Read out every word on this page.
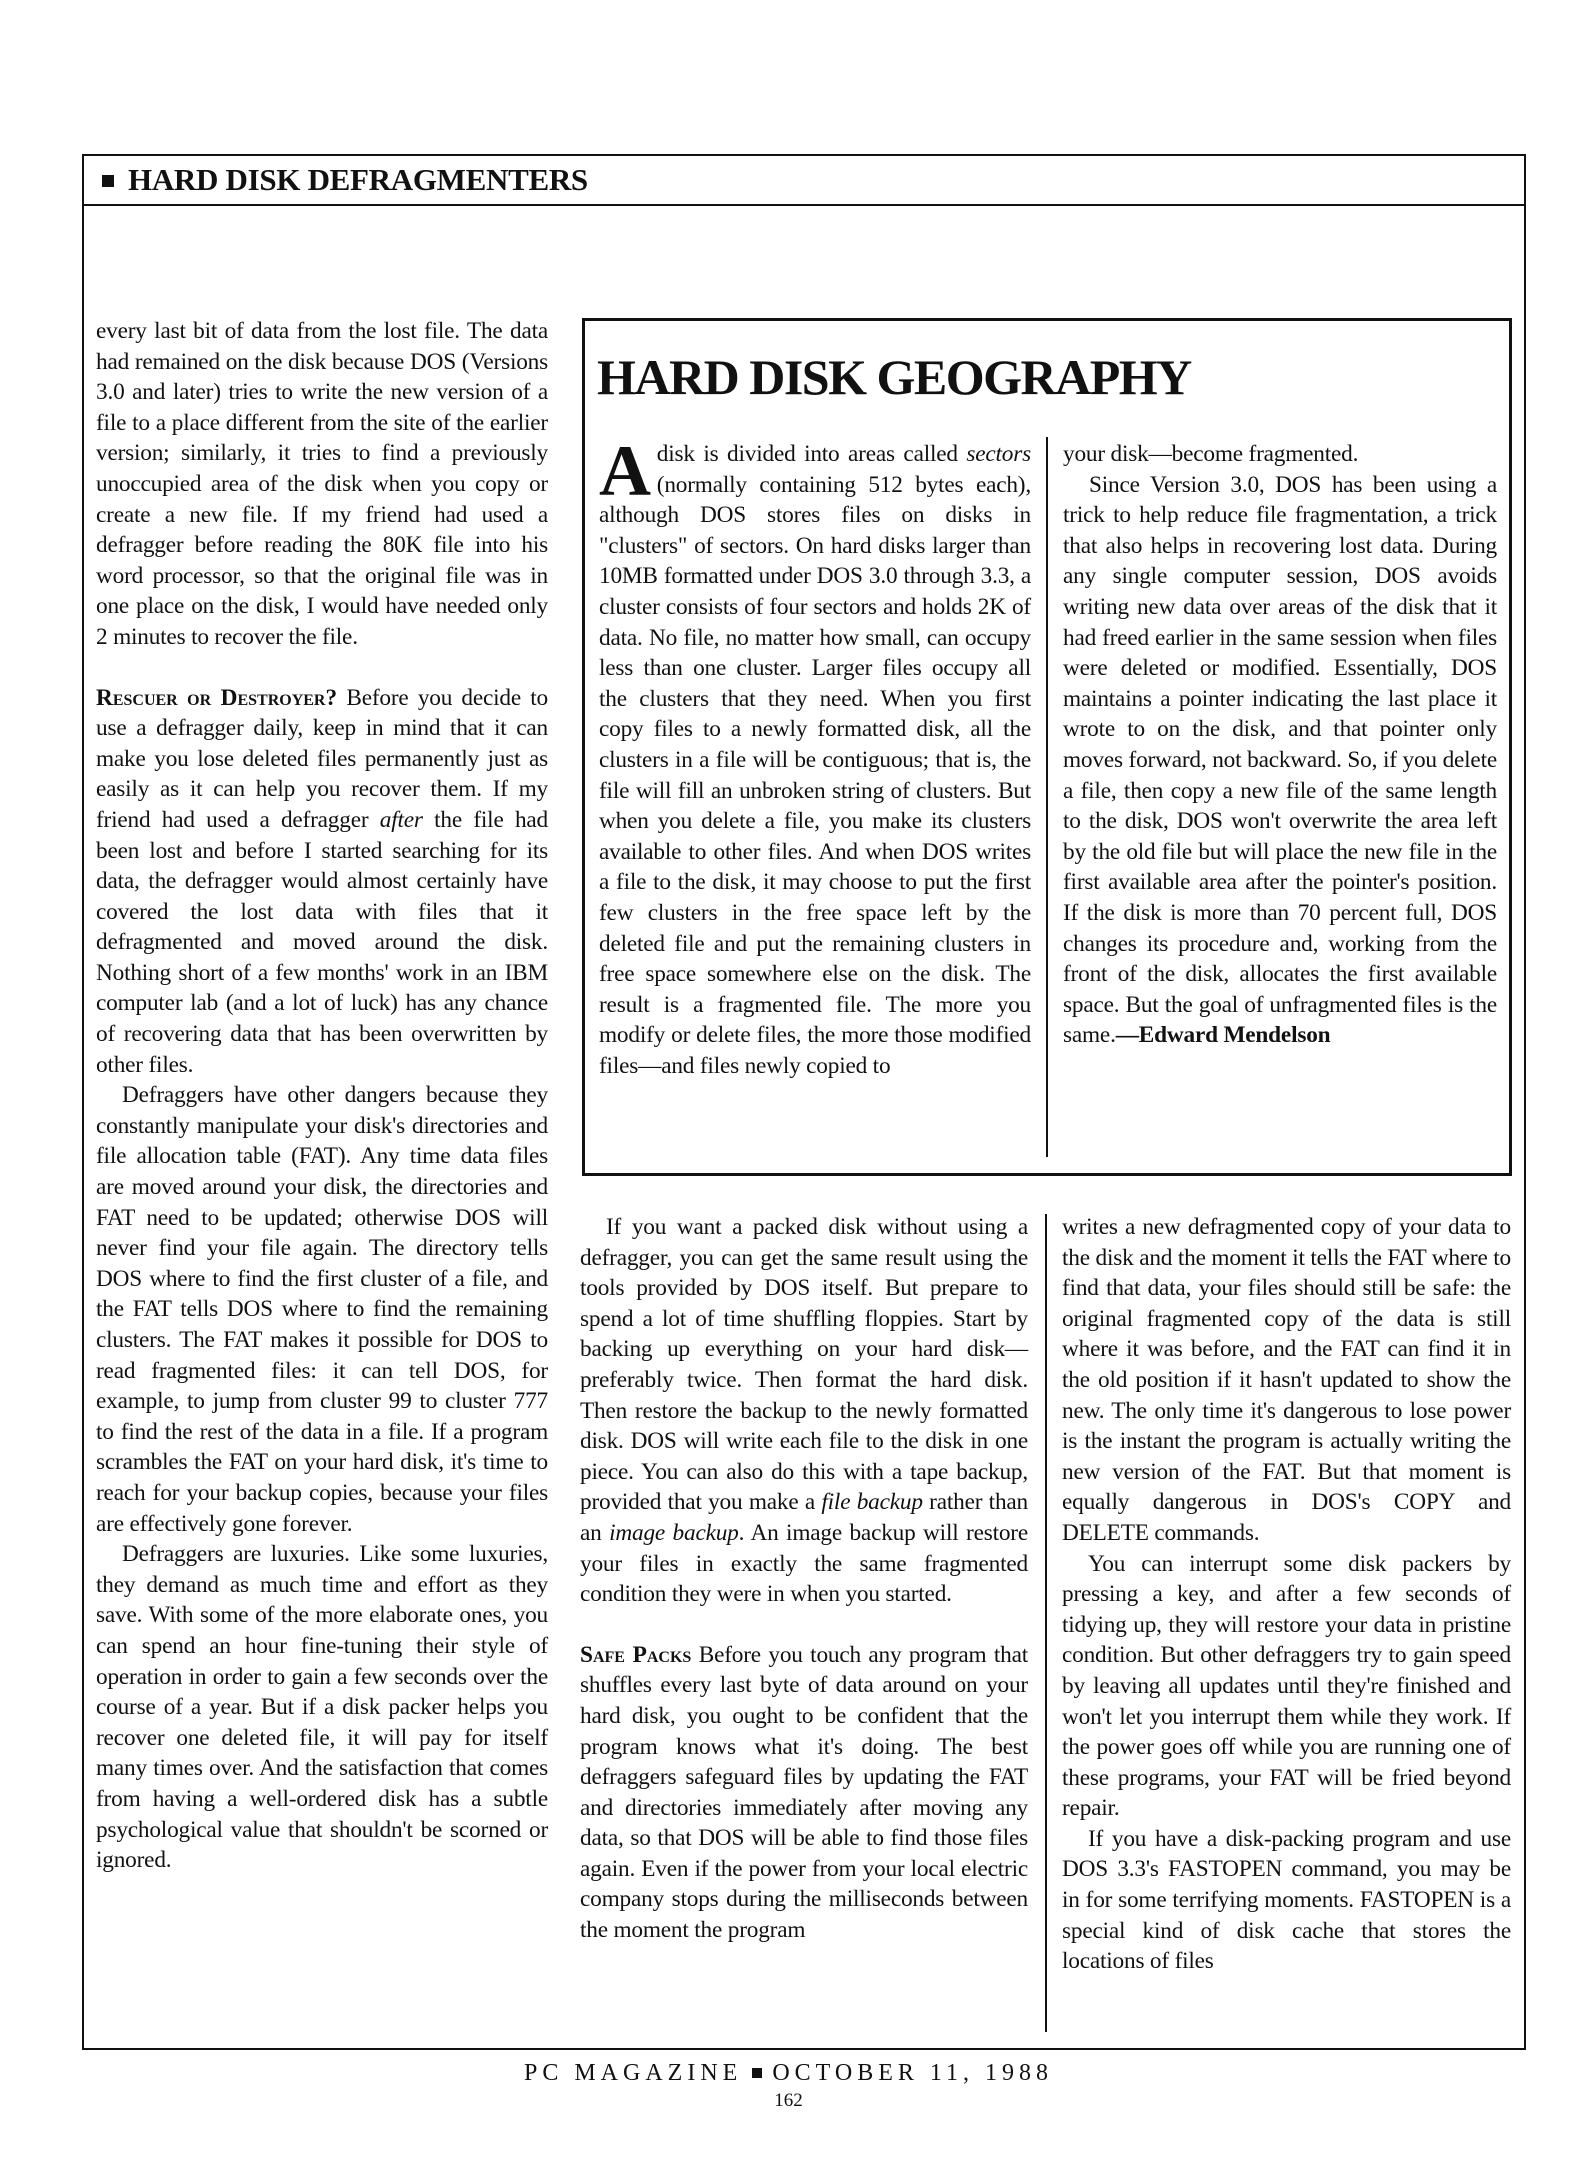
HARD DISK DEFRAGMENTERS

every last bit of data from the lost file. The data had remained on the disk because DOS (Versions 3.0 and later) tries to write the new version of a file to a place different from the site of the earlier version; similarly, it tries to find a previously unoccupied area of the disk when you copy or create a new file. If my friend had used a defragger before reading the 80K file into his word processor, so that the original file was in one place on the disk, I would have needed only 2 minutes to recover the file.

Rescuer or Destroyer? Before you decide to use a defragger daily, keep in mind that it can make you lose deleted files permanently just as easily as it can help you recover them. If my friend had used a defragger after the file had been lost and before I started searching for its data, the defragger would almost certainly have covered the lost data with files that it defragmented and moved around the disk. Nothing short of a few months' work in an IBM computer lab (and a lot of luck) has any chance of recovering data that has been overwritten by other files.

Defraggers have other dangers because they constantly manipulate your disk's directories and file allocation table (FAT). Any time data files are moved around your disk, the directories and FAT need to be updated; otherwise DOS will never find your file again. The directory tells DOS where to find the first cluster of a file, and the FAT tells DOS where to find the remaining clusters. The FAT makes it possible for DOS to read fragmented files: it can tell DOS, for example, to jump from cluster 99 to cluster 777 to find the rest of the data in a file. If a program scrambles the FAT on your hard disk, it's time to reach for your backup copies, because your files are effectively gone forever.

Defraggers are luxuries. Like some luxuries, they demand as much time and effort as they save. With some of the more elaborate ones, you can spend an hour fine-tuning their style of operation in order to gain a few seconds over the course of a year. But if a disk packer helps you recover one deleted file, it will pay for itself many times over. And the satisfaction that comes from having a well-ordered disk has a subtle psychological value that shouldn't be scorned or ignored.

HARD DISK GEOGRAPHY

A disk is divided into areas called sectors (normally containing 512 bytes each), although DOS stores files on disks in "clusters" of sectors. On hard disks larger than 10MB formatted under DOS 3.0 through 3.3, a cluster consists of four sectors and holds 2K of data. No file, no matter how small, can occupy less than one cluster. Larger files occupy all the clusters that they need. When you first copy files to a newly formatted disk, all the clusters in a file will be contiguous; that is, the file will fill an unbroken string of clusters. But when you delete a file, you make its clusters available to other files. And when DOS writes a file to the disk, it may choose to put the first few clusters in the free space left by the deleted file and put the remaining clusters in free space somewhere else on the disk. The result is a fragmented file. The more you modify or delete files, the more those modified files—and files newly copied to

your disk—become fragmented.

Since Version 3.0, DOS has been using a trick to help reduce file fragmentation, a trick that also helps in recovering lost data. During any single computer session, DOS avoids writing new data over areas of the disk that it had freed earlier in the same session when files were deleted or modified. Essentially, DOS maintains a pointer indicating the last place it wrote to on the disk, and that pointer only moves forward, not backward. So, if you delete a file, then copy a new file of the same length to the disk, DOS won't overwrite the area left by the old file but will place the new file in the first available area after the pointer's position. If the disk is more than 70 percent full, DOS changes its procedure and, working from the front of the disk, allocates the first available space. But the goal of unfragmented files is the same.—Edward Mendelson

If you want a packed disk without using a defragger, you can get the same result using the tools provided by DOS itself. But prepare to spend a lot of time shuffling floppies. Start by backing up everything on your hard disk—preferably twice. Then format the hard disk. Then restore the backup to the newly formatted disk. DOS will write each file to the disk in one piece. You can also do this with a tape backup, provided that you make a file backup rather than an image backup. An image backup will restore your files in exactly the same fragmented condition they were in when you started.

Safe Packs Before you touch any program that shuffles every last byte of data around on your hard disk, you ought to be confident that the program knows what it's doing. The best defraggers safeguard files by updating the FAT and directories immediately after moving any data, so that DOS will be able to find those files again. Even if the power from your local electric company stops during the milliseconds between the moment the program

writes a new defragmented copy of your data to the disk and the moment it tells the FAT where to find that data, your files should still be safe: the original fragmented copy of the data is still where it was before, and the FAT can find it in the old position if it hasn't updated to show the new. The only time it's dangerous to lose power is the instant the program is actually writing the new version of the FAT. But that moment is equally dangerous in DOS's COPY and DELETE commands.

You can interrupt some disk packers by pressing a key, and after a few seconds of tidying up, they will restore your data in pristine condition. But other defraggers try to gain speed by leaving all updates until they're finished and won't let you interrupt them while they work. If the power goes off while you are running one of these programs, your FAT will be fried beyond repair.

If you have a disk-packing program and use DOS 3.3's FASTOPEN command, you may be in for some terrifying moments. FASTOPEN is a special kind of disk cache that stores the locations of files

PC MAGAZINE OCTOBER 11, 1988
162
